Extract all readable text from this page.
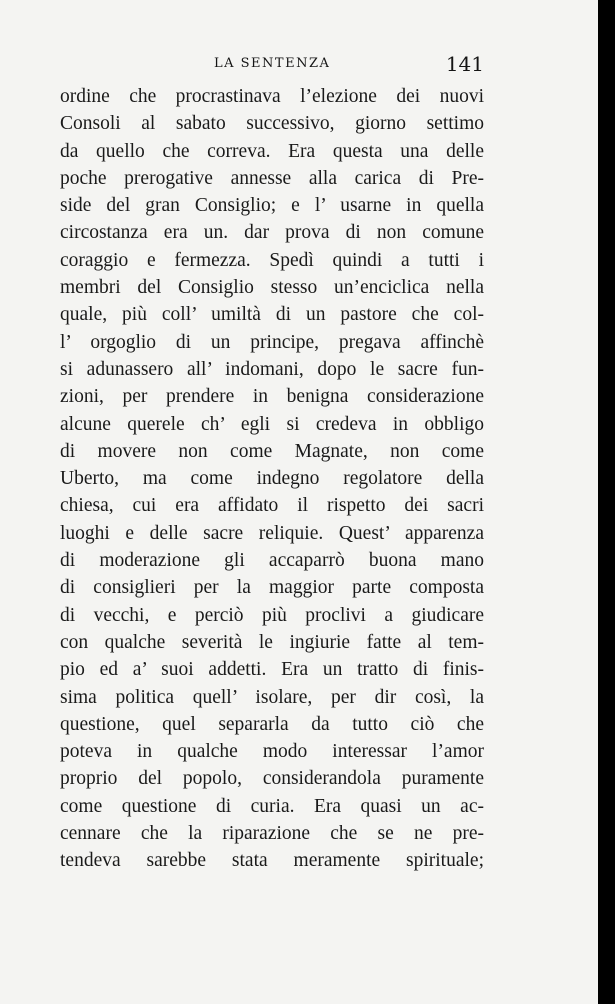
LA SENTENZA	141
ordine che procrastinava l’elezione dei nuovi
Consoli al sabato successivo, giorno settimo
da quello che correva. Era questa una delle
poche prerogative annesse alla carica di Pre-
side del gran Consiglio; e l’ usarne in quella
circostanza era un. dar prova di non comune
coraggio e fermezza. Spedì quindi a tutti i
membri del Consiglio stesso un’enciclica nella
quale, più coll’ umiltà di un pastore che col-
l’ orgoglio di un principe, pregava affinchè
si adunassero all’ indomani, dopo le sacre fun-
zioni, per prendere in benigna considerazione
alcune querele ch’ egli si credeva in obbligo
di movere non come Magnate, non come
Uberto, ma come indegno regolatore della
chiesa, cui era affidato il rispetto dei sacri
luoghi e delle sacre reliquie. Quest’ apparenza
di moderazione gli accaparrò buona mano
di consiglieri per la maggior parte composta
di vecchi, e perciò più proclivi a giudicare
con qualche severità le ingiurie fatte al tem-
pio ed a’ suoi addetti. Era un tratto di finis-
sima politica quell’ isolare, per dir così, la
questione, quel separarla da tutto ciò che
poteva in qualche modo interessar l’amor
proprio del popolo, considerandola puramente
come questione di curia. Era quasi un ac-
cennare che la riparazione che se ne pre-
tendeva sarebbe stata meramente spirituale;
